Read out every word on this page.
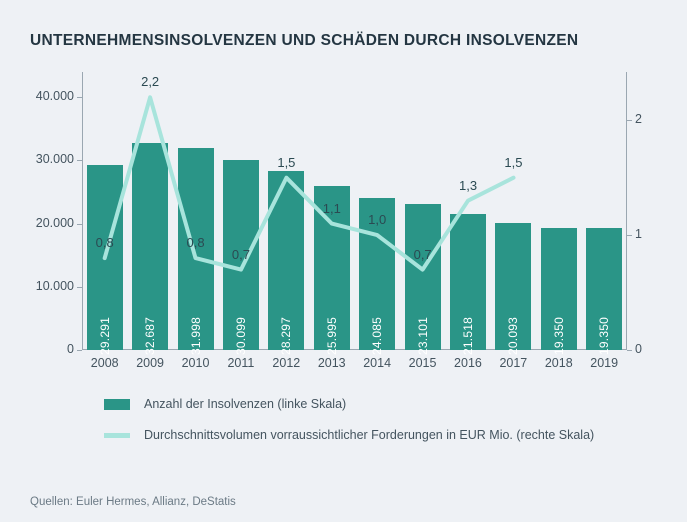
UNTERNEHMENSINSOLVENZEN UND SCHÄDEN DURCH INSOLVENZEN
29.291	32.687	31.998	30.099	28.297	25.995	24.085	23.101	21.518	20.093	19.350	19.350
0
10.000
20.000
30.000
40.000
0
1
2
0,8
2,2
0,8
0,7
1,5
1,1
1,0
0,7
1,3
1,5
2008	2009	2010	2011	2012	2013	2014	2015	2016	2017	2018	2019
Anzahl der Insolvenzen (linke Skala)
Durchschnittsvolumen vorraussichtlicher Forderungen in EUR Mio. (rechte Skala)
Quellen: Euler Hermes, Allianz, DeStatis
